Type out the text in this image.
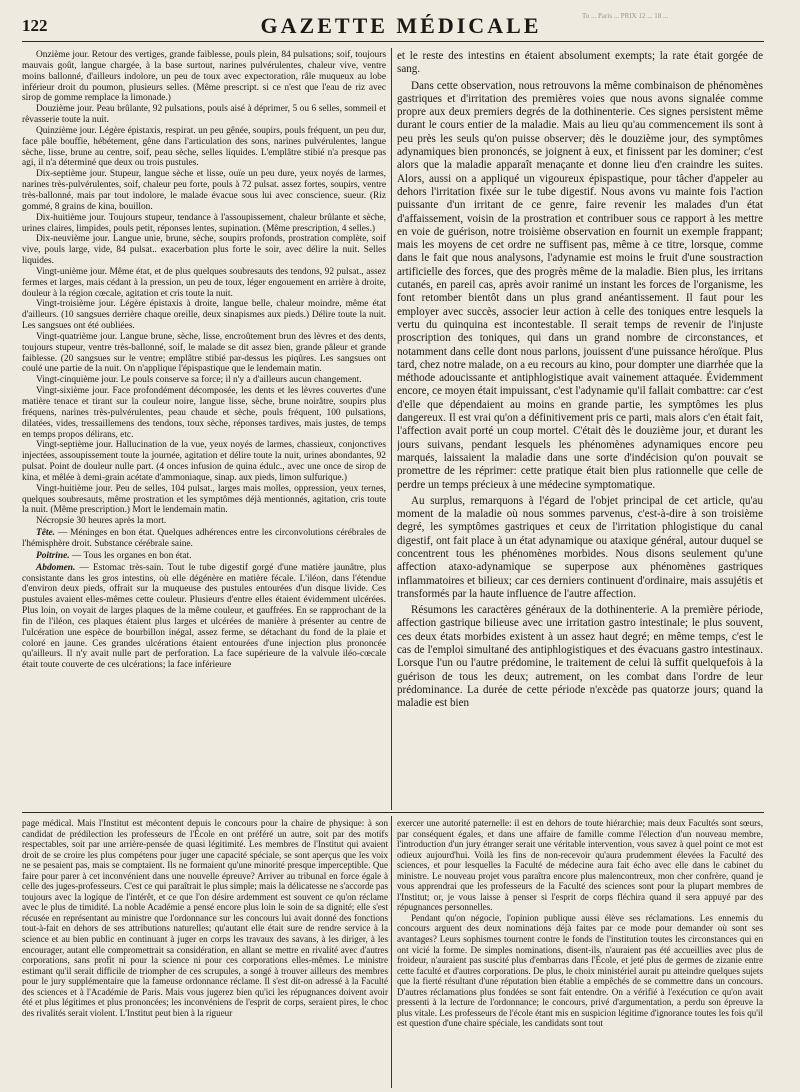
122	To ... Paris ... PRIX 12 ... 18 ...
GAZETTE MÉDICALE

Onzième jour. Retour des vertiges, grande faiblesse, pouls plein, 84 pulsations; soif, toujours mauvais goût, langue chargée, à la base surtout, narines pulvérulentes, chaleur vive, ventre moins ballonné, d'ailleurs indolore, un peu de toux avec expectoration, râle muqueux au lobe inférieur droit du poumon, plusieurs selles. (Même prescript. si ce n'est que l'eau de riz avec sirop de gomme remplace la limonade.)

Douzième jour. Peau brûlante, 92 pulsations, pouls aisé à déprimer, 5 ou 6 selles, sommeil et rêvasserie toute la nuit.

Quinzième jour. Légère épistaxis, respirat. un peu gênée, soupirs, pouls fréquent, un peu dur, face pâle bouffie, hébétement, gêne dans l'articulation des sons, narines pulvérulentes, langue sèche, lisse, brune au centre, soif, peau sèche, selles liquides. L'emplâtre stibié n'a presque pas agi, il n'a déterminé que deux ou trois pustules.

Dix-septième jour. Stupeur, langue sèche et lisse, ouïe un peu dure, yeux noyés de larmes, narines très-pulvérulentes, soif, chaleur peu forte, pouls à 72 pulsat. assez fortes, soupirs, ventre très-ballonné, mais par tout indolore, le malade évacue sous lui avec conscience, sueur. (Riz gommé, 8 grains de kina, bouillon.

Dix-huitième jour. Toujours stupeur, tendance à l'assoupissement, chaleur brûlante et sèche, urines claires, limpides, pouls petit, réponses lentes, supination. (Même prescription, 4 selles.)

Dix-neuvième jour. Langue unie, brune, sèche, soupirs profonds, prostration complète, soif vive, pouls large, vide, 84 pulsat.. exacerbation plus forte le soir, avec délire la nuit. Selles liquides.

Vingt-unième jour. Même état, et de plus quelques soubresauts des tendons, 92 pulsat., assez fermes et larges, mais cédant à la pression, un peu de toux, léger engouement en arrière à droite, douleur à la région cœcale, agitation et cris toute la nuit.

Vingt-troisième jour. Légère épistaxis à droite, langue belle, chaleur moindre, même état d'ailleurs. (10 sangsues derrière chaque oreille, deux sinapismes aux pieds.) Délire toute la nuit. Les sangsues ont été oubliées.

Vingt-quatrième jour. Langue brune, sèche, lisse, encroûtement brun des lèvres et des dents, toujours stupeur, ventre très-ballonné, soif, le malade se dit assez bien, grande pâleur et grande faiblesse. (20 sangsues sur le ventre; emplâtre stibié par-dessus les piqûres. Les sangsues ont coulé une partie de la nuit. On n'applique l'épispastique que le lendemain matin.

Vingt-cinquième jour. Le pouls conserve sa force; il n'y a d'ailleurs aucun changement.

Vingt-sixième jour. Face profondément décomposée, les dents et les lèvres couvertes d'une matière tenace et tirant sur la couleur noire, langue lisse, sèche, brune noirâtre, soupirs plus fréquens, narines très-pulvérulentes, peau chaude et sèche, pouls fréquent, 100 pulsations, dilatées, vides, tressaillemens des tendons, toux sèche, réponses tardives, mais justes, de temps en temps propos délirans, etc.

Vingt-septième jour. Hallucination de la vue, yeux noyés de larmes, chassieux, conjonctives injectées, assoupissement toute la journée, agitation et délire toute la nuit, urines abondantes, 92 pulsat. Point de douleur nulle part. (4 onces infusion de quina édulc., avec une once de sirop de kina, et mêlée à demi-grain acétate d'ammoniaque, sinap. aux pieds, limon sulfurique.)

Vingt-huitième jour. Peu de selles, 104 pulsat., larges mais molles, oppression, yeux ternes, quelques soubresauts, même prostration et les symptômes déjà mentionnés, agitation, cris toute la nuit. (Même prescription.) Mort le lendemain matin.

Nécropsie 30 heures après la mort.

Tête. — Méninges en bon état. Quelques adhérences entre les circonvolutions cérébrales de l'hémisphère droit. Substance cérébrale saine.

Poitrine. — Tous les organes en bon état.

Abdomen. — Estomac très-sain. Tout le tube digestif gorgé d'une matière jaunâtre, plus consistante dans les gros intestins, où elle dégénère en matière fécale. L'iléon, dans l'étendue d'environ deux pieds, offrait sur la muqueuse des pustules entourées d'un disque livide. Ces pustules avaient elles-mêmes cette couleur. Plusieurs d'entre elles étaient évidemment ulcérées. Plus loin, on voyait de larges plaques de la même couleur, et gauffrées. En se rapprochant de la fin de l'iléon, ces plaques étaient plus larges et ulcérées de manière à présenter au centre de l'ulcération une espèce de bourbillon inégal, assez ferme, se détachant du fond de la plaie et coloré en jaune. Ces grandes ulcérations étaient entourées d'une injection plus prononcée qu'ailleurs. Il n'y avait nulle part de perforation. La face supérieure de la valvule iléo-cœcale était toute couverte de ces ulcérations; la face inférieure

et le reste des intestins en étaient absolument exempts; la rate était gorgée de sang.

Dans cette observation, nous retrouvons la même combinaison de phénomènes gastriques et d'irritation des premières voies que nous avons signalée comme propre aux deux premiers degrés de la dothinenterie. Ces signes persistent même durant le cours entier de la maladie. Mais au lieu qu'au commencement ils sont à peu près les seuls qu'on puisse observer; dès le douzième jour, des symptômes adynamiques bien prononcés, se joignent à eux, et finissent par les dominer; c'est alors que la maladie apparaît menaçante et donne lieu d'en craindre les suites. Alors, aussi on a appliqué un vigoureux épispastique, pour tâcher d'appeler au dehors l'irritation fixée sur le tube digestif. Nous avons vu mainte fois l'action puissante d'un irritant de ce genre, faire revenir les malades d'un état d'affaissement, voisin de la prostration et contribuer sous ce rapport à les mettre en voie de guérison, notre troisième observation en fournit un exemple frappant; mais les moyens de cet ordre ne suffisent pas, même à ce titre, lorsque, comme dans le fait que nous analysons, l'adynamie est moins le fruit d'une soustraction artificielle des forces, que des progrès même de la maladie. Bien plus, les irritans cutanés, en pareil cas, après avoir ranimé un instant les forces de l'organisme, les font retomber bientôt dans un plus grand anéantissement. Il faut pour les employer avec succès, associer leur action à celle des toniques entre lesquels la vertu du quinquina est incontestable. Il serait temps de revenir de l'injuste proscription des toniques, qui dans un grand nombre de circonstances, et notamment dans celle dont nous parlons, jouissent d'une puissance héroïque. Plus tard, chez notre malade, on a eu recours au kino, pour dompter une diarrhée que la méthode adoucissante et antiphlogistique avait vainement attaquée. Évidemment encore, ce moyen était impuissant, c'est l'adynamie qu'il fallait combattre: car c'est d'elle que dépendaient au moins en grande partie, les symptômes les plus dangereux. Il est vrai qu'on a définitivement pris ce parti, mais alors c'en était fait, l'affection avait porté un coup mortel. C'était dès le douzième jour, et durant les jours suivans, pendant lesquels les phénomènes adynamiques encore peu marqués, laissaient la maladie dans une sorte d'indécision qu'on pouvait se promettre de les réprimer: cette pratique était bien plus rationnelle que celle de perdre un temps précieux à une médecine symptomatique.

Au surplus, remarquons à l'égard de l'objet principal de cet article, qu'au moment de la maladie où nous sommes parvenus, c'est-à-dire à son troisième degré, les symptômes gastriques et ceux de l'irritation phlogistique du canal digestif, ont fait place à un état adynamique ou ataxique général, autour duquel se concentrent tous les phénomènes morbides. Nous disons seulement qu'une affection ataxo-adynamique se superpose aux phénomènes gastriques inflammatoires et bilieux; car ces derniers continuent d'ordinaire, mais assujétis et transformés par la haute influence de l'autre affection.

Résumons les caractères généraux de la dothinenterie. A la première période, affection gastrique bilieuse avec une irritation gastro intestinale; le plus souvent, ces deux états morbides existent à un assez haut degré; en même temps, c'est le cas de l'emploi simultané des antiphlogistiques et des évacuans gastro intestinaux. Lorsque l'un ou l'autre prédomine, le traitement de celui là suffit quelquefois à la guérison de tous les deux; autrement, on les combat dans l'ordre de leur prédominance. La durée de cette période n'excède pas quatorze jours; quand la maladie est bien

page médical. Mais l'Institut est mécontent depuis le concours pour la chaire de physique: à son candidat de prédilection les professeurs de l'École en ont préféré un autre, soit par des motifs respectables, soit par une arrière-pensée de quasi légitimité. Les membres de l'Institut qui avaient droit de se croire les plus compétens pour juger une capacité spéciale, se sont aperçus que les voix ne se pesaient pas, mais se comptaient. Ils ne formaient qu'une minorité presque imperceptible. Que faire pour parer à cet inconvénient dans une nouvelle épreuve? Arriver au tribunal en force égale à celle des juges-professeurs. C'est ce qui paraîtrait le plus simple; mais la délicatesse ne s'accorde pas toujours avec la logique de l'intérêt, et ce que l'on désire ardemment est souvent ce qu'on réclame avec le plus de timidité. La noble Académie a pensé encore plus loin le soin de sa dignité; elle s'est récusée en représentant au ministre que l'ordonnance sur les concours lui avait donné des fonctions tout-à-fait en dehors de ses attributions naturelles; qu'autant elle était sure de rendre service à la science et au bien public en continuant à juger en corps les travaux des savans, à les diriger, à les encourager, autant elle compromettrait sa considération, en allant se mettre en rivalité avec d'autres corporations, sans profit ni pour la science ni pour ces corporations elles-mêmes. Le ministre estimant qu'il serait difficile de triompher de ces scrupules, a songé à trouver ailleurs des membres pour le jury supplémentaire que la fameuse ordonnance réclame. Il s'est dit-on adressé à la Faculté des sciences et à l'Académie de Paris. Mais vous jugerez bien qu'ici les répugnances doivent avoir été et plus légitimes et plus prononcées; les inconvéniens de l'esprit de corps, seraient pires, le choc des rivalités serait violent. L'Institut peut bien à la rigueur

exercer une autorité paternelle: il est en dehors de toute hiérarchie; mais deux Facultés sont sœurs, par conséquent égales, et dans une affaire de famille comme l'élection d'un nouveau membre, l'introduction d'un jury étranger serait une véritable intervention, vous savez à quel point ce mot est odieux aujourd'hui. Voilà les fins de non-recevoir qu'aura prudemment élevées la Faculté des sciences, et pour lesquelles la Faculté de médecine aura fait écho avec elle dans le cabinet du ministre. Le nouveau projet vous paraîtra encore plus malencontreux, mon cher confrère, quand je vous apprendrai que les professeurs de la Faculté des sciences sont pour la plupart membres de l'Institut; or, je vous laisse à penser si l'esprit de corps fléchira quand il sera appuyé par des répugnances personnelles.

Pendant qu'on négocie, l'opinion publique aussi élève ses réclamations. Les ennemis du concours arguent des deux nominations déjà faites par ce mode pour demander où sont ses avantages? Leurs sophismes tournent contre le fonds de l'institution toutes les circonstances qui en ont vicié la forme. De simples nominations, disent-ils, n'auraient pas été accueillies avec plus de froideur, n'auraient pas suscité plus d'embarras dans l'École, et jeté plus de germes de zizanie entre cette faculté et d'autres corporations. De plus, le choix ministériel aurait pu atteindre quelques sujets que la fierté résultant d'une réputation bien établie a empêchés de se commettre dans un concours. D'autres réclamations plus fondées se sont fait entendre. On a vérifié à l'exécution ce qu'on avait pressenti à la lecture de l'ordonnance; le concours, privé d'argumentation, a perdu son épreuve la plus vitale. Les professeurs de l'école étant mis en suspicion légitime d'ignorance toutes les fois qu'il est question d'une chaire spéciale, les candidats sont tout
